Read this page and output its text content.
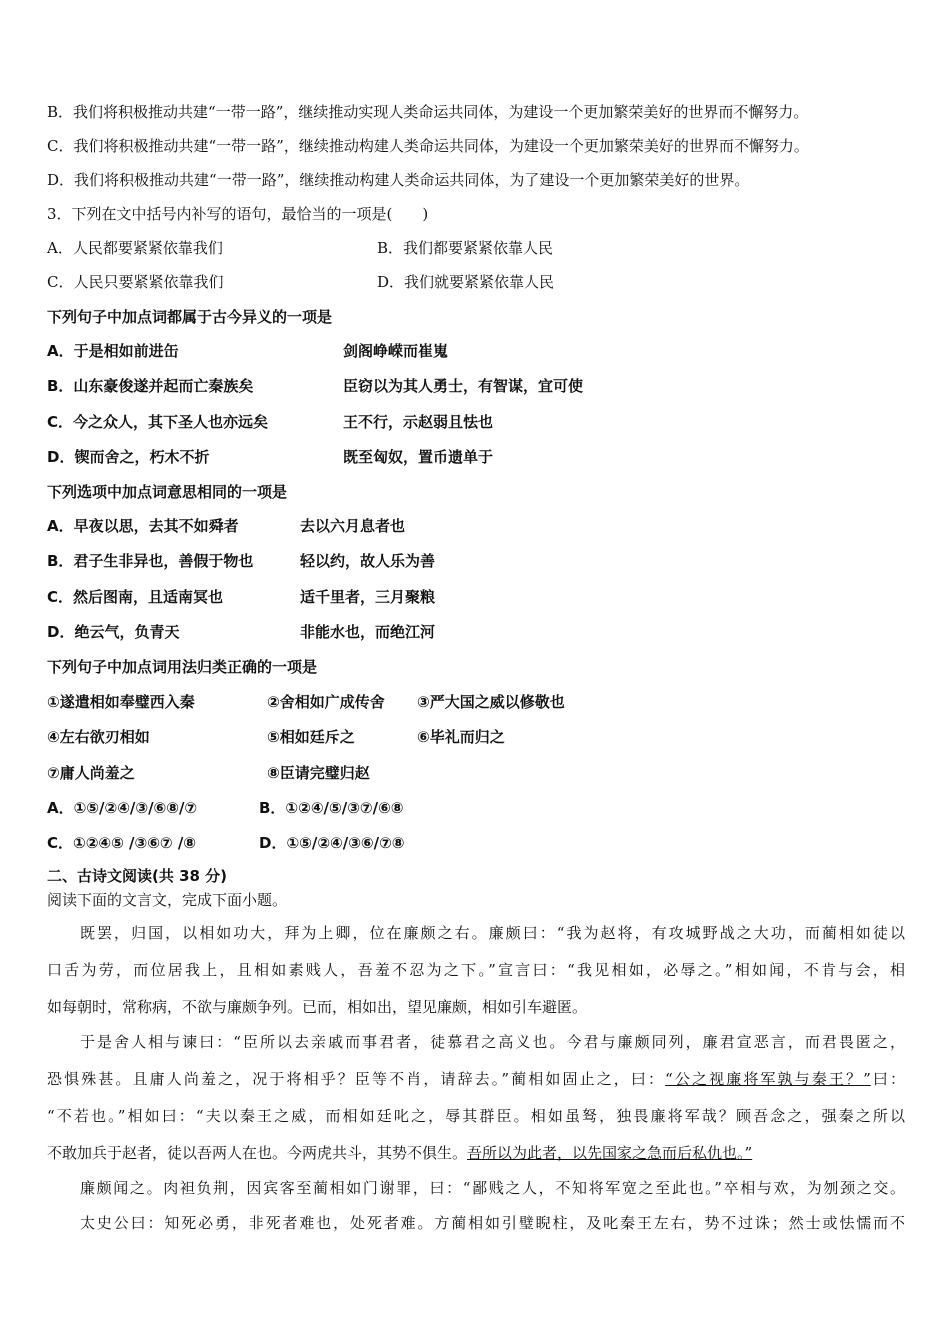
B．我们将积极推动共建“一带一路”，继续推动实现人类命运共同体，为建设一个更加繁荣美好的世界而不懈努力。
C．我们将积极推动共建“一带一路”，继续推动构建人类命运共同体，为建设一个更加繁荣美好的世界而不懈努力。
D．我们将积极推动共建“一带一路”，继续推动构建人类命运共同体，为了建设一个更加繁荣美好的世界。
3．下列在文中括号内补写的语句，最恰当的一项是(　　)
A．人民都要紧紧依靠我们	B．我们都要紧紧依靠人民
C．人民只要紧紧依靠我们	D．我们就要紧紧依靠人民
下列句子中加点词都属于古今异义的一项是
A．于是相如前进缶	剑阁峥嵘而崔嵬
B．山东豪俊遂并起而亡秦族矣	臣窃以为其人勇士，有智谋，宜可使
C．今之众人，其下圣人也亦远矣	王不行，示赵弱且怯也
D．锲而舍之，朽木不折	既至匈奴，置币遗单于
下列选项中加点词意思相同的一项是
A．早夜以思，去其不如舜者	去以六月息者也
B．君子生非异也，善假于物也	轻以约，故人乐为善
C．然后图南，且适南冥也	适千里者，三月聚粮
D．绝云气，负青天	非能水也，而绝江河
下列句子中加点词用法归类正确的一项是
①遂遣相如奉璧西入秦	②舍相如广成传舍 ③严大国之威以修敬也
④左右欲刃相如	⑤相如廷斥之	⑥毕礼而归之
⑦庸人尚羞之	⑧臣请完璧归赵
A．①⑤/②④/③/⑥⑧/⑦	B．①②④/⑤/③⑦/⑥⑧
C．①②④⑤ /③⑥⑦ /⑧	D．①⑤/②④/③⑥/⑦⑧
二、古诗文阅读(共 38 分)
阅读下面的文言文，完成下面小题。
既罢，归国，以相如功大，拜为上卿，位在廉颇之右。廉颇曰：“我为赵将，有攻城野战之大功，而蔺相如徒以
口舌为劳，而位居我上，且相如素贱人，吾羞不忍为之下。”宣言曰：“我见相如，必辱之。”相如闻，不肯与会，相
如每朝时，常称病，不欲与廉颇争列。已而，相如出，望见廉颇，相如引车避匿。
于是舍人相与谏曰：“臣所以去亲戚而事君者，徒慕君之高义也。今君与廉颇同列，廉君宣恶言，而君畏匿之，
恐惧殊甚。且庸人尚羞之，况于将相乎？臣等不肖，请辞去。”蔺相如固止之，曰：“公之视廉将军孰与秦王？”曰：
“不若也。”相如曰：“夫以秦王之威，而相如廷叱之，辱其群臣。相如虽驽，独畏廉将军哉？顾吾念之，强秦之所以
不敢加兵于赵者，徒以吾两人在也。今两虎共斗，其势不俱生。吾所以为此者，以先国家之急而后私仇也。”
廉颇闻之。肉袒负荆，因宾客至蔺相如门谢罪，曰：“鄙贱之人，不知将军宽之至此也。”卒相与欢，为刎颈之交。
太史公曰：知死必勇，非死者难也，处死者难。方蔺相如引璧睨柱，及叱秦王左右，势不过诛；然士或怯懦而不
